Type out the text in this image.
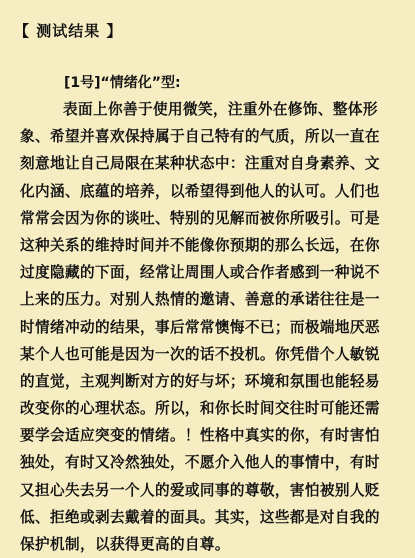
【 测试结果 】
[1号]“情绪化”型:
表面上你善于使用微笑，注重外在修饰、整体形
象、希望并喜欢保持属于自己特有的气质，所以一直在
刻意地让自己局限在某种状态中：注重对自身素养、文
化内涵、底蕴的培养，以希望得到他人的认可。人们也
常常会因为你的谈吐、特别的见解而被你所吸引。可是
这种关系的维持时间并不能像你预期的那么长远，在你
过度隐藏的下面，经常让周围人或合作者感到一种说不
上来的压力。对别人热情的邀请、善意的承诺往往是一
时情绪冲动的结果，事后常常懊悔不已；而极端地厌恶
某个人也可能是因为一次的话不投机。你凭借个人敏锐
的直觉，主观判断对方的好与坏；环境和氛围也能轻易
改变你的心理状态。所以，和你长时间交往时可能还需
要学会适应突变的情绪。！性格中真实的你，有时害怕
独处，有时又冷然独处，不愿介入他人的事情中，有时
又担心失去另一个人的爱或同事的尊敬，害怕被别人贬
低、拒绝或剥去戴着的面具。其实，这些都是对自我的
保护机制，以获得更高的自尊。
